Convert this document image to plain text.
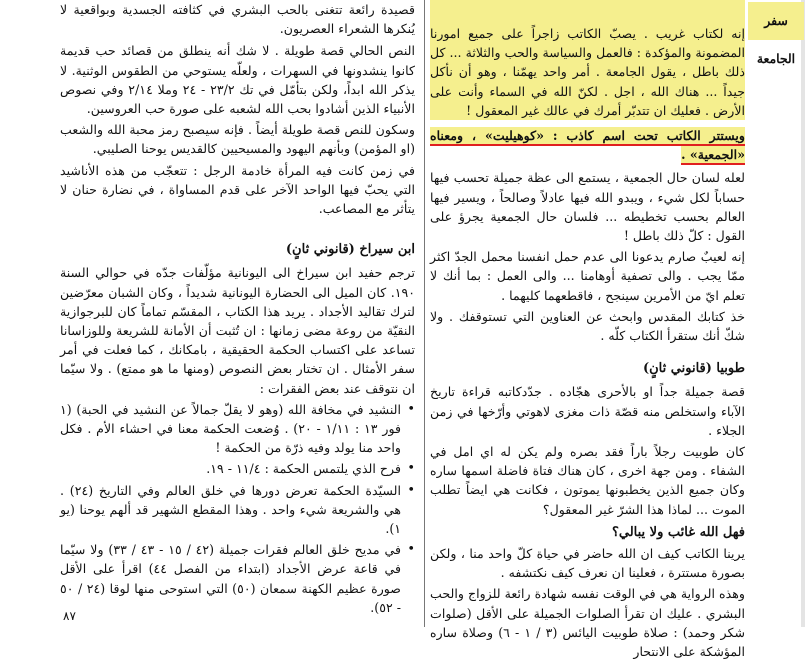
سفر الجامعة

قصيدة رائعة تتغنى بالحب البشري في كثافته الجسدية وبواقعية لا يُنكرها الشعراء العصريون.

النص الحالي قصة طويلة . لا شك أنه ينطلق من قصائد حب قديمة كانوا ينشدونها في السهرات ، ولعلّه يستوحي من الطقوس الوثنية. لا يذكر الله ابداً، ولكن بتأمّل في تك ٢٣/٢ - ٢٤ وملا ٢/١٤ وفي نصوص الأنبياء الذين أشادوا بحب الله لشعبه على صورة حب العروسين.

وسكون للنص قصة طويلة أيضاً . فإنه سيصبح رمز محبة الله والشعب (او المؤمن) وبأنهم اليهود والمسيحيين كالقديس يوحنا الصليبي.

في زمن كانت فيه المرأة خادمة الرجل : تتعجّب من هذه الأناشيد التي يحبّ فيها الواحد الآخر على قدم المساواة ، في نضارة حنان لا يتأثر مع المصاعب.

ابن سيراخ (قانوني ثانٍ)

ترجم حفيد ابن سيراخ الى اليونانية مؤلّفات جدّه في حوالي السنة ١٩٠. كان الميل الى الحضارة اليونانية شديداً ، وكان الشبان معرّضين لترك تقاليد الأجداد . يريد هذا الكتاب ، المقسّم تماماً كان للبرجوازية النقيّة من روعة مضى زمانها : ان تُثبت أن الأمانة للشريعة وللوزاسانا تساعد على اكتساب الحكمة الحقيقية ، بامكانك ، كما فعلت في أمر سفر الأمثال . ان تختار بعض النصوص (ومنها ما هو ممتع) . ولا سيّما ان نتوقف عند بعض الفقرات :

• النشيد في مخافة الله (وهو لا يقلّ جمالاً عن النشيد في الحبة) (١ فور ١٣ : ١/١١ - ٢٠) . وُضعت الحكمة معنا في احشاء الأم . فكل واحد منا يولد وفيه ذرّة من الحكمة !
• فرح الذي يلتمس الحكمة : ١١/٤ - ١٩.
• السيّدة الحكمة تعرض دورها في خلق العالم وفي التاريخ (٢٤) . هي والشريعة شيء واحد . وهذا المقطع الشهير قد ألهم يوحنا (يو ١).
• في مديح خلق العالم فقرات جميلة (٤٢ / ١٥ - ٤٣ / ٣٣) ولا سيّما في قاعة عرض الأجداد (ابتداء من الفصل ٤٤) اقرأ على الأقل صورة عظيم الكهنة سمعان (٥٠) التي استوحى منها لوقا (٢٤ / ٥٠ - ٥٢).

إنه لكتاب غريب . يصبّ الكاتب زاجراً على جميع امورنا المضمونة والمؤكدة : فالعمل والسياسة والحب والثلاثة ... كل ذلك باطل ، يقول الجامعة . أمر واحد يهمّنا ، وهو أن نأكل جيداً ... هناك الله ، اجل . لكنّ الله في السماء وأنت على الأرض . فعليك ان تتدبّر أمرك في عالك غير المعقول !

ويستتر الكاتب تحت اسم كاذب : «كوهيليت» ، ومعناه «الجمعية» .

لعله لسان حال الجمعية ، يستمع الى عظة جميلة تحسب فيها حساباً لكل شيء ، ويبدو الله فيها عادلاً وصالحاً ، ويسير فيها العالم بحسب تخطيطه ... فلسان حال الجمعية يجرؤ على القول : كلّ ذلك باطل !

إنه لعيبٌ صارم يدعونا الى عدم حمل انفسنا محمل الجدّ اكثر ممّا يجب . والى تصفية أوهامنا ... والى العمل : بما أنك لا تعلم ايّ من الأمرين سينجح ، فاقطعهما كليهما .

خذ كتابك المقدس وابحث عن العناوين التي تستوقفك . ولا شكّ أنك ستقرأ الكتاب كلّه .

طوبيا (قانوني ثانٍ)

قصة جميلة جداً او بالأحرى هجّاده . جدّدكاتبه قراءة تاريخ الآباء واستخلص منه قصّة ذات مغزى لاهوتي وأرّخها في زمن الجلاء .

كان طوبيت رجلاً باراً فقد بصره ولم يكن له اي امل في الشفاء . ومن جهة اخرى ، كان هناك فتاة فاضلة اسمها ساره وكان جميع الذين يخطبونها يموتون ، فكانت هي ايضاً تطلب الموت ... لماذا هذا الشرّ غير المعقول؟

فهل الله غائب ولا يبالي؟

يرينا الكاتب كيف ان الله حاضر في حياة كلّ واحد منا ، ولكن بصورة مستترة ، فعلينا ان نعرف كيف نكتشفه .

وهذه الرواية هي في الوقت نفسه شهادة رائعة للزواج والحب البشري . عليك ان تقرأ الصلوات الجميلة على الأقل (صلوات شكر وحمد) : صلاة طوبيت اليائس (٣ / ١ - ٦) وصلاة ساره المؤشكة على الانتحار

٨٧
